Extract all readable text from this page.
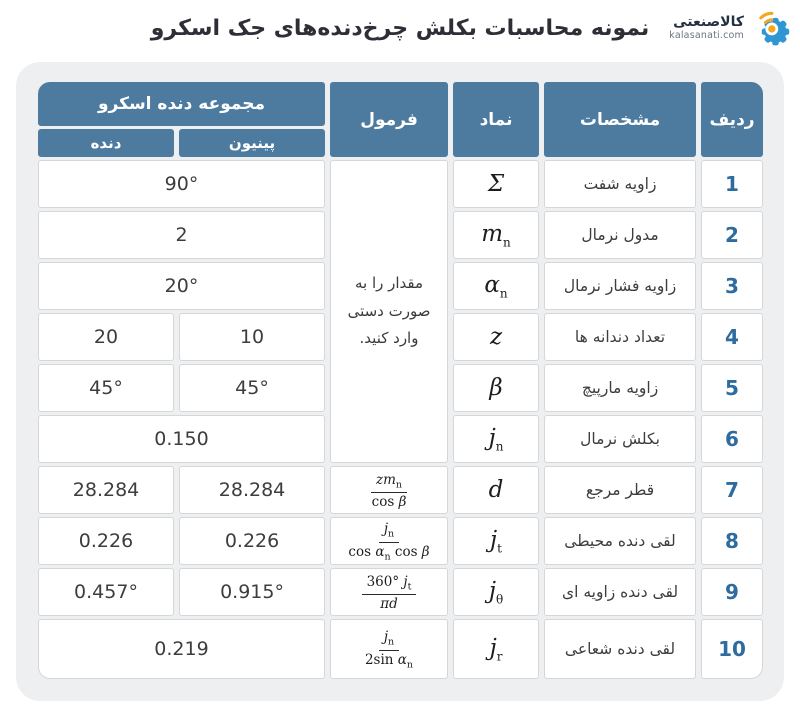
نمونه محاسبات بکلش چرخ‌دنده‌های جک اسکرو	کالاصنعتی
kalasanati.com
ردیف	مشخصات	نماد	فرمول	مجموعه دنده اسکرو	
				پینیون	دنده
1	زاویه شفت	Σ	مقدار را به صورت دستی وارد کنید.	90°	
2	مدول نرمال	$m_n$		2	
3	زاویه فشار نرمال	$\alpha_n$		20°	
4	تعداد دندانه ها	z		10	20
5	زاویه مارپیچ	β		45°	45°
6	بکلش نرمال	$j_n$		0.150	
7	قطر مرجع	d	$\frac{zm_n}{\text{cos β}}$	28.284	28.284
8	لقی دنده محیطی	$j_t$	$\frac{j_n}{\cos \alpha_n \cos \beta}$	0.226	0.226
9	لقی دنده زاویه ای	$j_\theta$	$\frac{360^\circ j_t}{\pi d}$	0.915°	0.457°
10	لقی دنده شعاعی	$j_r$	$\frac{j_n}{2\sin \alpha_n}$	0.219	
